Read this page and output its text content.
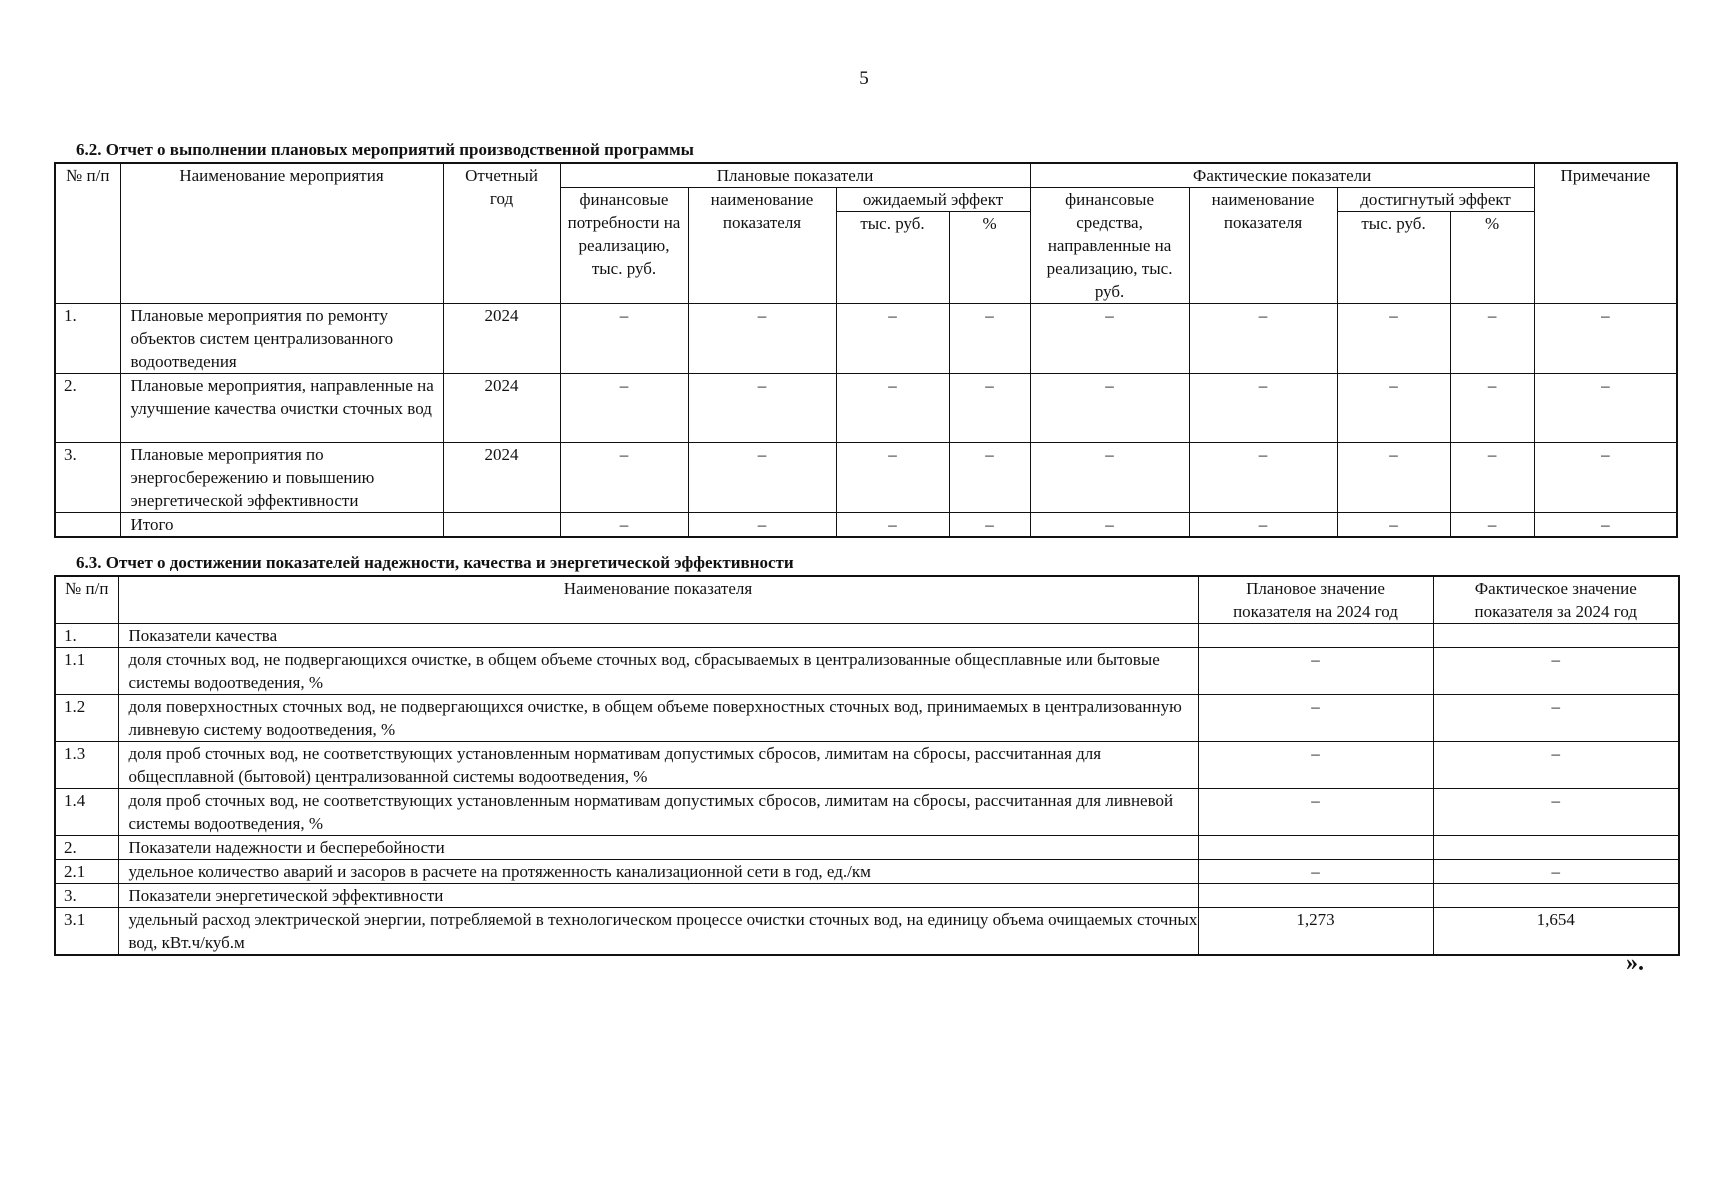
5
6.2. Отчет о выполнении плановых мероприятий производственной программы
№ п/п	Наименование мероприятия	Отчетный год	Плановые показатели				Фактические показатели				Примечание
			финансовые потребности на реализацию, тыс. руб.	наименование показателя	ожидаемый эффект		финансовые средства, направленные на реализацию, тыс. руб.	наименование показателя	достигнутый эффект		
					тыс. руб.	%			тыс. руб.	%	
1.	Плановые мероприятия по ремонту объектов систем централизованного водоотведения	2024	–	–	–	–	–	–	–	–	–
2.	Плановые мероприятия, направленные на улучшение качества очистки сточных вод	2024	–	–	–	–	–	–	–	–	–
3.	Плановые мероприятия по энергосбережению и повышению энергетической эффективности	2024	–	–	–	–	–	–	–	–	–
	Итого		–	–	–	–	–	–	–	–	–
6.3. Отчет о достижении показателей надежности, качества и энергетической эффективности
№ п/п	Наименование показателя	Плановое значение показателя на 2024 год	Фактическое значение показателя за 2024 год
1.	Показатели качества		
1.1	доля сточных вод, не подвергающихся очистке, в общем объеме сточных вод, сбрасываемых в централизованные общесплавные или бытовые системы водоотведения, %	–	–
1.2	доля поверхностных сточных вод, не подвергающихся очистке, в общем объеме поверхностных сточных вод, принимаемых в централизованную ливневую систему водоотведения, %	–	–
1.3	доля проб сточных вод, не соответствующих установленным нормативам допустимых сбросов, лимитам на сбросы, рассчитанная для общесплавной (бытовой) централизованной системы водоотведения, %	–	–
1.4	доля проб сточных вод, не соответствующих установленным нормативам допустимых сбросов, лимитам на сбросы, рассчитанная для ливневой системы водоотведения, %	–	–
2.	Показатели надежности и бесперебойности		
2.1	удельное количество аварий и засоров в расчете на протяженность канализационной сети в год, ед./км	–	–
3.	Показатели энергетической эффективности		
3.1	удельный расход электрической энергии, потребляемой в технологическом процессе очистки сточных вод, на единицу объема очищаемых сточных вод, кВт.ч/куб.м	1,273	1,654
».
